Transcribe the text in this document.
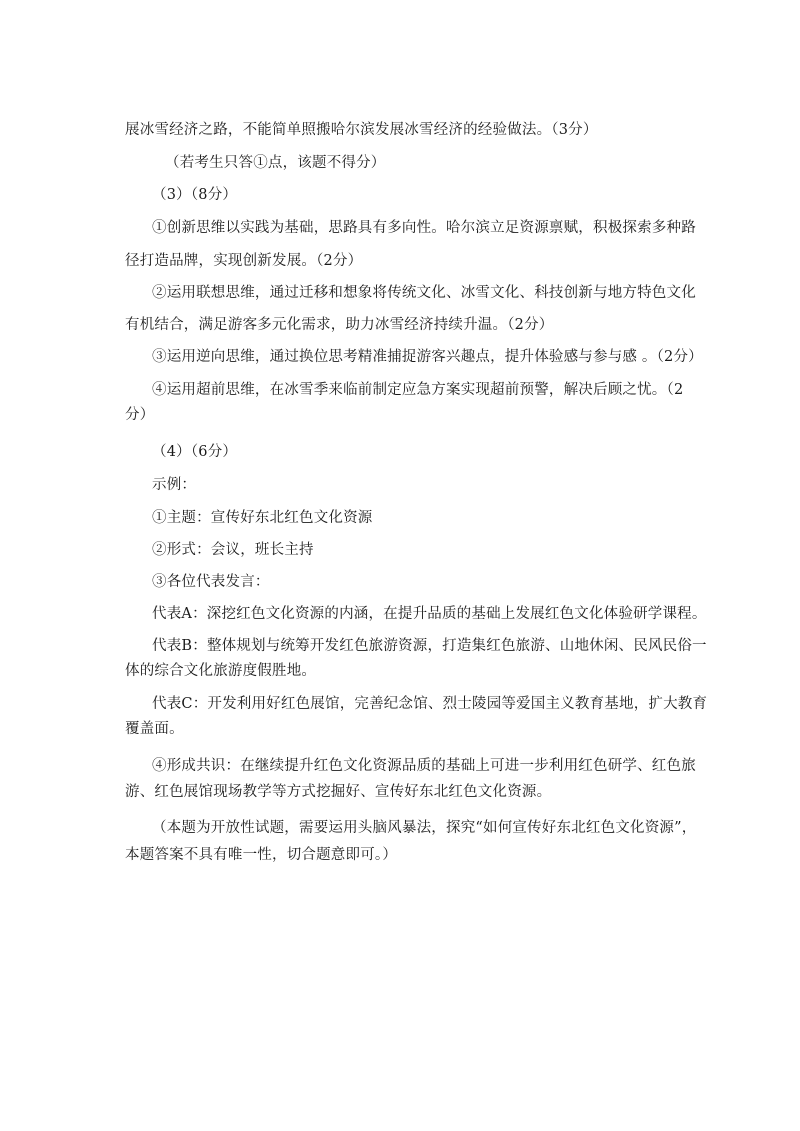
展冰雪经济之路，不能简单照搬哈尔滨发展冰雪经济的经验做法。（3分）
（若考生只答①点，该题不得分）
（3）（8分）
①创新思维以实践为基础，思路具有多向性。哈尔滨立足资源禀赋，积极探索多种路
径打造品牌，实现创新发展。（2分）
②运用联想思维，通过迁移和想象将传统文化、冰雪文化、科技创新与地方特色文化
有机结合，满足游客多元化需求，助力冰雪经济持续升温。（2分）
③运用逆向思维，通过换位思考精准捕捉游客兴趣点，提升体验感与参与感 。（2分）
④运用超前思维，在冰雪季来临前制定应急方案实现超前预警，解决后顾之忧。（2
分）
（4）（6分）
示例：
①主题：宣传好东北红色文化资源
②形式：会议，班长主持
③各位代表发言：
代表A：深挖红色文化资源的内涵，在提升品质的基础上发展红色文化体验研学课程。
代表B：整体规划与统筹开发红色旅游资源，打造集红色旅游、山地休闲、民风民俗一
体的综合文化旅游度假胜地。
代表C：开发利用好红色展馆，完善纪念馆、烈士陵园等爱国主义教育基地，扩大教育
覆盖面。
④形成共识：在继续提升红色文化资源品质的基础上可进一步利用红色研学、红色旅
游、红色展馆现场教学等方式挖掘好、宣传好东北红色文化资源。
（本题为开放性试题，需要运用头脑风暴法，探究“如何宣传好东北红色文化资源”，
本题答案不具有唯一性，切合题意即可。）
